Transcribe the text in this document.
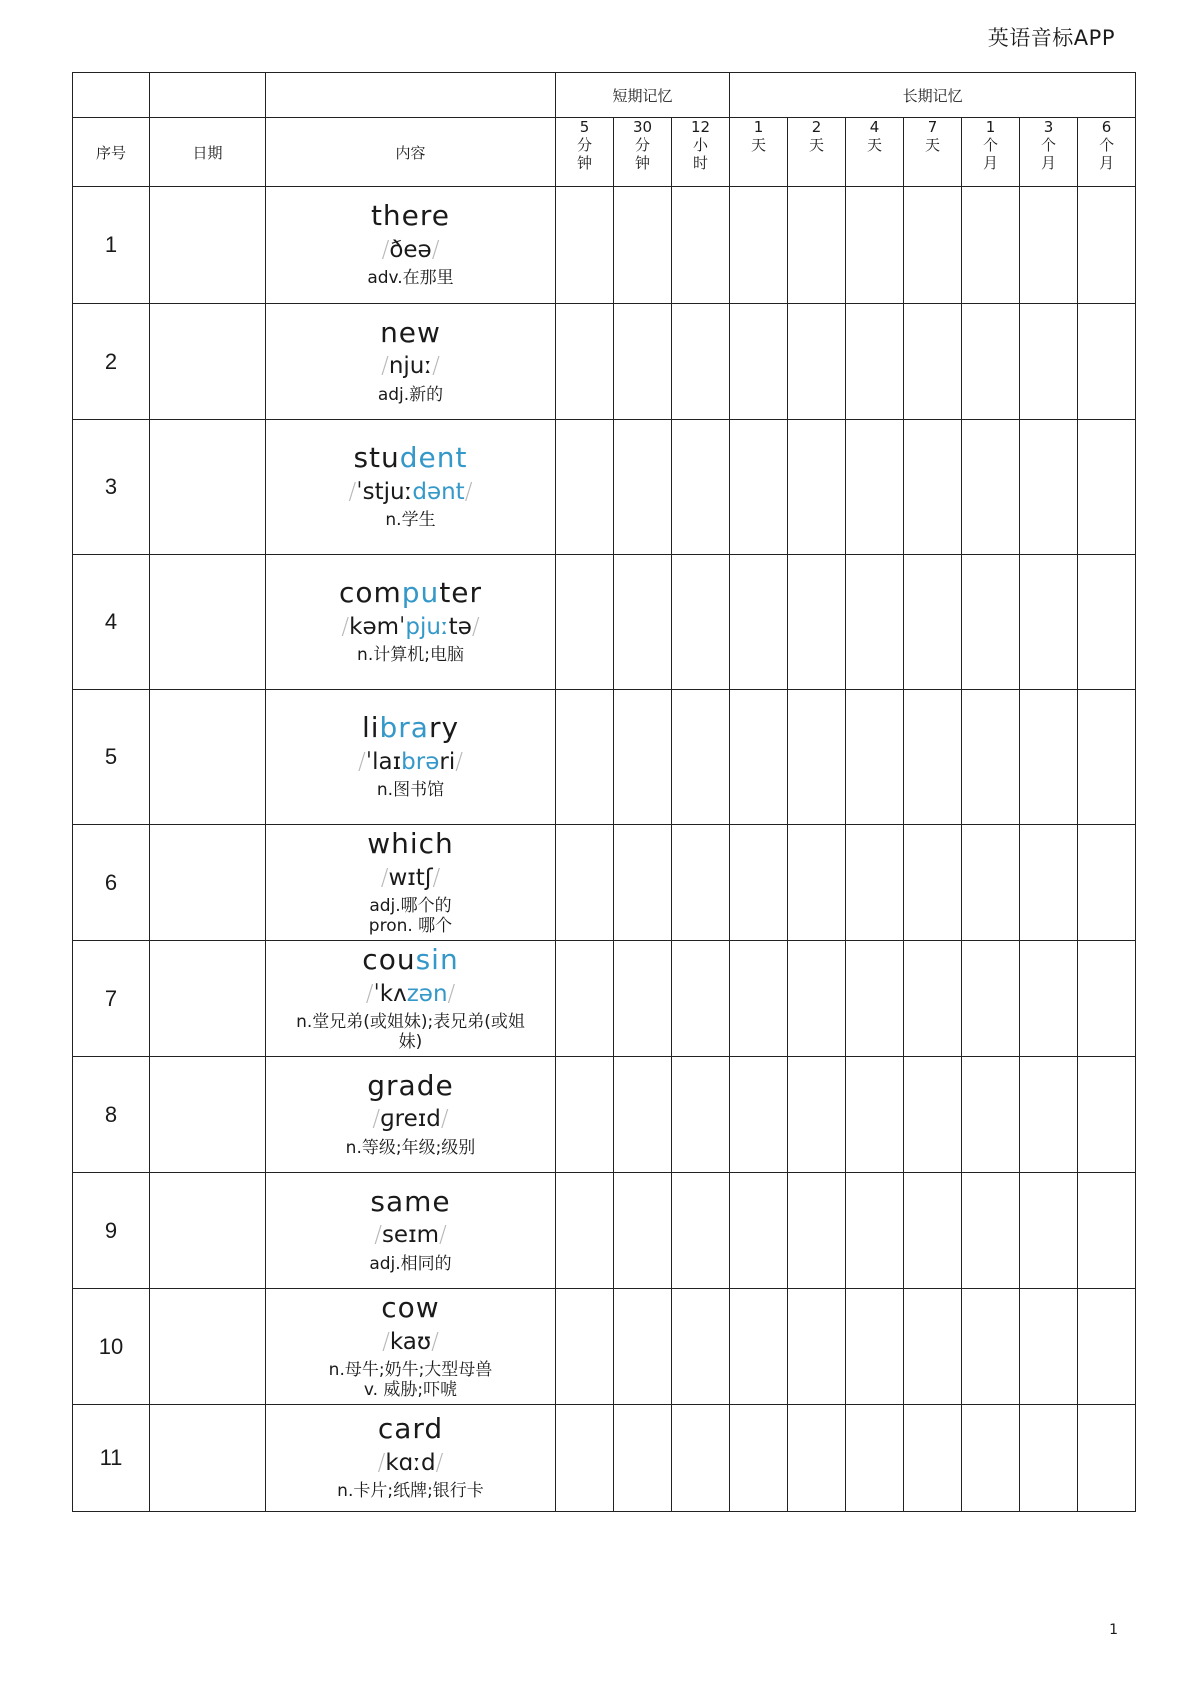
英语音标APP
			短期记忆			长期记忆						
序号	日期	内容	5
分
钟	30
分
钟	12
小
时	1
天	2
天	4
天	7
天	1
个
月	3
个
月	6
个
月

1		there
/ðeə/
adv.在那里										

2		new
/njuː/
adj.新的										

3		student
/ˈstjuːdənt/
n.学生										

4		computer
/kəmˈpjuːtə/
n.计算机;电脑										

5		library
/ˈlaɪbrəri/
n.图书馆										

6		which
/wɪtʃ/
adj.哪个的
pron. 哪个										

7		cousin
/ˈkʌzən/
n.堂兄弟(或姐妹);表兄弟(或姐
妹)										

8		grade
/ɡreɪd/
n.等级;年级;级别										

9		same
/seɪm/
adj.相同的										

10		cow
/kaʊ/
n.母牛;奶牛;大型母兽
v. 威胁;吓唬										

11		card
/kɑːd/
n.卡片;纸牌;银行卡										

1
